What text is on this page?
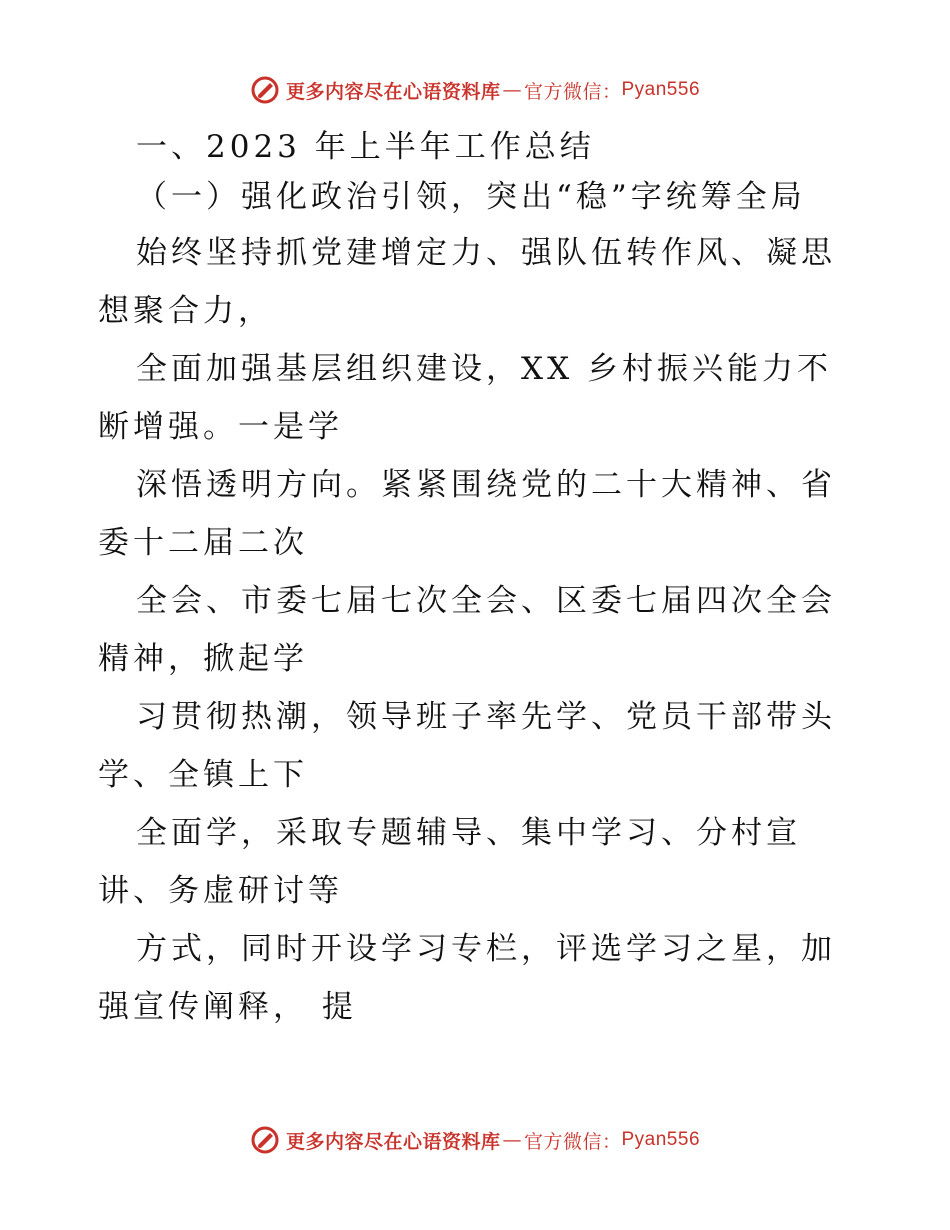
更多内容尽在心语资料库 — 官方微信： Pyan556

一、2023 年上半年工作总结

（一）强化政治引领，突出“稳”字统筹全局

始终坚持抓党建增定力、强队伍转作风、凝思想聚合力，

全面加强基层组织建设，XX 乡村振兴能力不断增强。一是学

深悟透明方向。紧紧围绕党的二十大精神、省委十二届二次

全会、市委七届七次全会、区委七届四次全会精神，掀起学

习贯彻热潮，领导班子率先学、党员干部带头学、全镇上下

全面学，采取专题辅导、集中学习、分村宣讲、务虚研讨等

方式，同时开设学习专栏，评选学习之星，加强宣传阐释， 提

更多内容尽在心语资料库 — 官方微信： Pyan556
